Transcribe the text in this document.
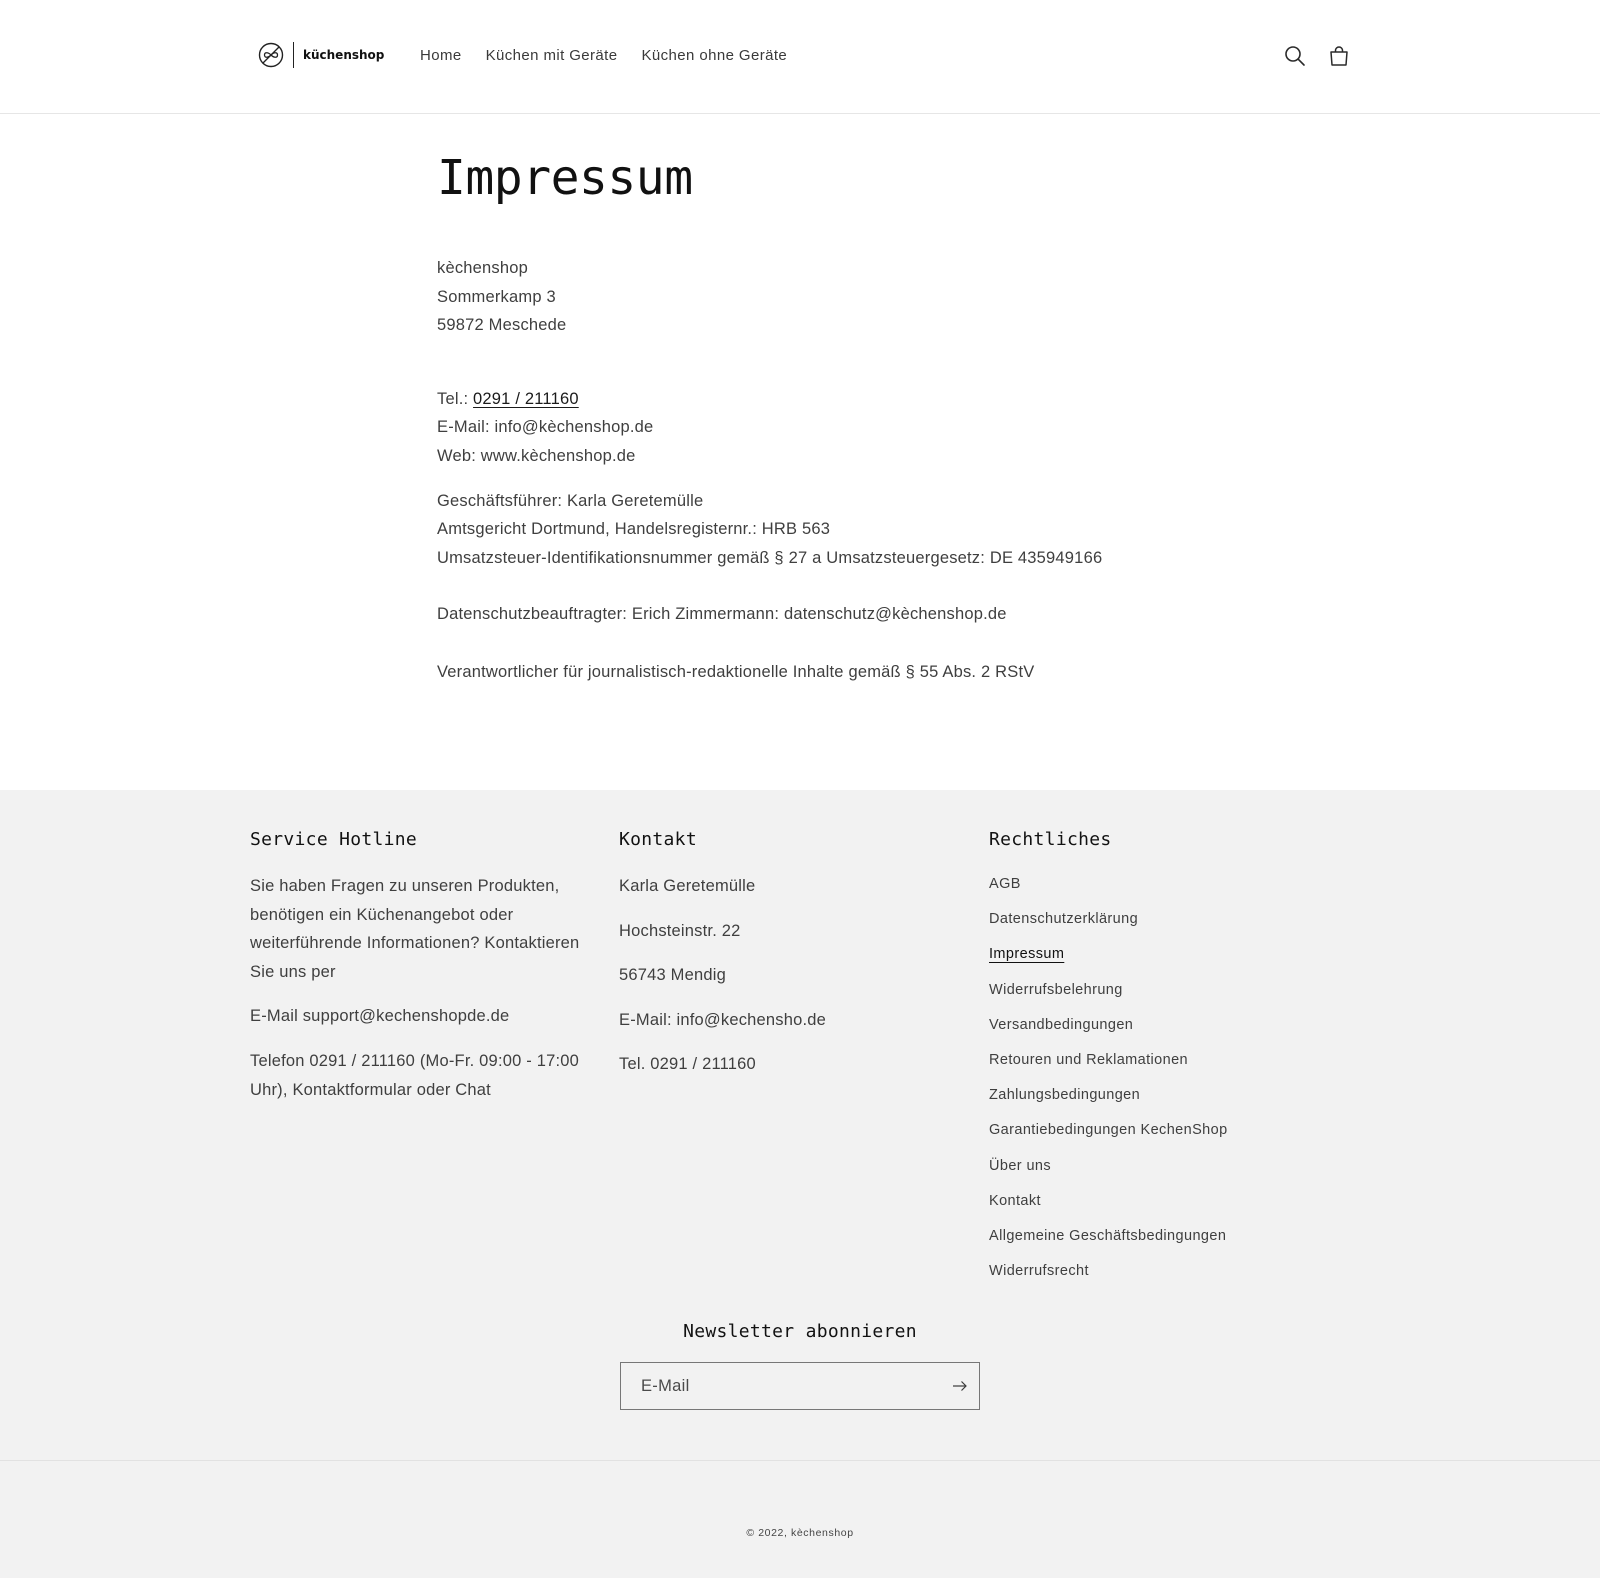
küchenshop	Home	Küchen mit Geräte	Küchen ohne Geräte
Impressum

kèchenshop

Sommerkamp 3

59872 Meschede

Tel.: 0291 / 211160

E-Mail: info@kèchenshop.de

Web: www.kèchenshop.de

Geschäftsführer: Karla Geretemülle

Amtsgericht Dortmund, Handelsregisternr.: HRB 563

Umsatzsteuer-Identifikationsnummer gemäß § 27 a Umsatzsteuergesetz: DE 435949166

Datenschutzbeauftragter: Erich Zimmermann: datenschutz@kèchenshop.de

Verantwortlicher für journalistisch-redaktionelle Inhalte gemäß § 55 Abs. 2 RStV

Service Hotline

Sie haben Fragen zu unseren Produkten, benötigen ein Küchenangebot oder weiterführende Informationen? Kontaktieren Sie uns per

E-Mail support@kechenshopde.de

Telefon 0291 / 211160 (Mo-Fr. 09:00 - 17:00 Uhr), Kontaktformular oder Chat

Kontakt

Karla Geretemülle

Hochsteinstr. 22

56743 Mendig

E-Mail: info@kechensho.de

Tel. 0291 / 211160

Rechtliches
AGB
Datenschutzerklärung
Impressum
Widerrufsbelehrung
Versandbedingungen
Retouren und Reklamationen
Zahlungsbedingungen
Garantiebedingungen KechenShop
Über uns
Kontakt
Allgemeine Geschäftsbedingungen
Widerrufsrecht
Newsletter abonnieren
E-Mail
© 2022, kèchenshop
